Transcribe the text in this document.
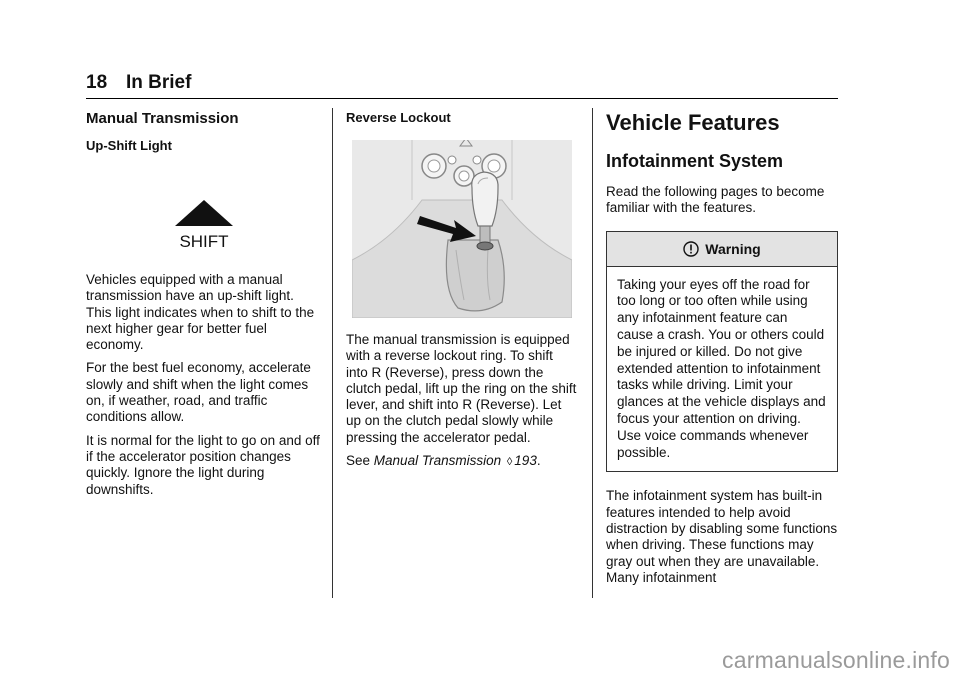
18 In Brief
Manual Transmission
Up-Shift Light
SHIFT

Vehicles equipped with a manual transmission have an up-shift light. This light indicates when to shift to the next higher gear for better fuel economy.

For the best fuel economy, accelerate slowly and shift when the light comes on, if weather, road, and traffic conditions allow.

It is normal for the light to go on and off if the accelerator position changes quickly. Ignore the light during downshifts.

Reverse Lockout

The manual transmission is equipped with a reverse lockout ring. To shift into R (Reverse), press down the clutch pedal, lift up the ring on the shift lever, and shift into R (Reverse). Let up on the clutch pedal slowly while pressing the accelerator pedal.

See Manual Transmission ◊ 193.

Vehicle Features
Infotainment System

Read the following pages to become familiar with the features.

Warning

Taking your eyes off the road for too long or too often while using any infotainment feature can cause a crash. You or others could be injured or killed. Do not give extended attention to infotainment tasks while driving. Limit your glances at the vehicle displays and focus your attention on driving. Use voice commands whenever possible.

The infotainment system has built-in features intended to help avoid distraction by disabling some functions when driving. These functions may gray out when they are unavailable. Many infotainment

carmanualsonline.info
